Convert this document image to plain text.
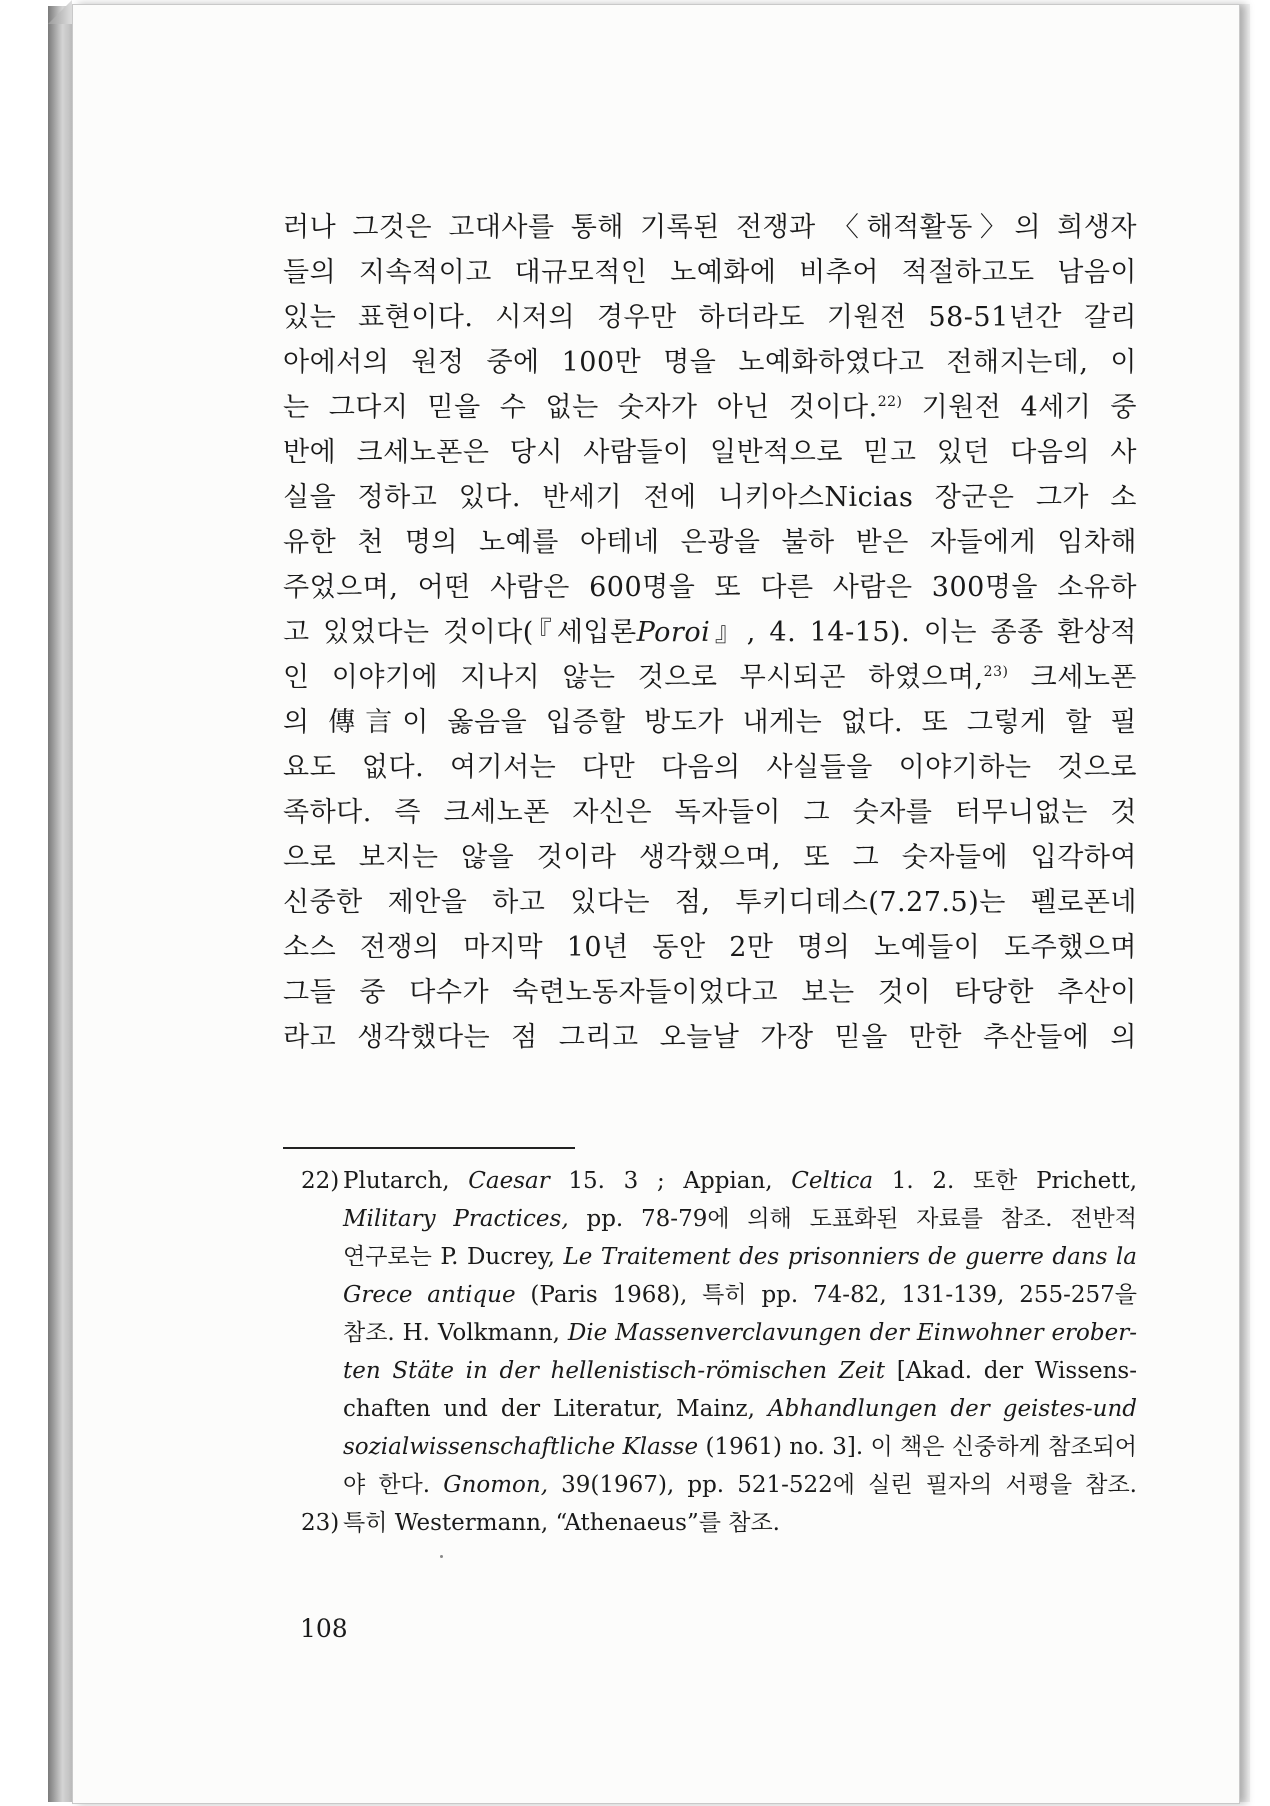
러나 그것은 고대사를 통해 기록된 전쟁과 〈해적활동〉의 희생자
들의 지속적이고 대규모적인 노예화에 비추어 적절하고도 남음이
있는 표현이다. 시저의 경우만 하더라도 기원전 58-51년간 갈리
아에서의 원정 중에 100만 명을 노예화하였다고 전해지는데, 이
는 그다지 믿을 수 없는 숫자가 아닌 것이다.$^{22)}$ 기원전 4세기 중
반에 크세노폰은 당시 사람들이 일반적으로 믿고 있던 다음의 사
실을 정하고 있다. 반세기 전에 니키아스Nicias 장군은 그가 소
유한 천 명의 노예를 아테네 은광을 불하 받은 자들에게 임차해
주었으며, 어떤 사람은 600명을 또 다른 사람은 300명을 소유하
고 있었다는 것이다(『세입론Poroi』, 4. 14-15). 이는 종종 환상적
인 이야기에 지나지 않는 것으로 무시되곤 하였으며,$^{23)}$ 크세노폰
의 傳言이 옳음을 입증할 방도가 내게는 없다. 또 그렇게 할 필
요도 없다. 여기서는 다만 다음의 사실들을 이야기하는 것으로
족하다. 즉 크세노폰 자신은 독자들이 그 숫자를 터무니없는 것
으로 보지는 않을 것이라 생각했으며, 또 그 숫자들에 입각하여
신중한 제안을 하고 있다는 점, 투키디데스(7.27.5)는 펠로폰네
소스 전쟁의 마지막 10년 동안 2만 명의 노예들이 도주했으며
그들 중 다수가 숙련노동자들이었다고 보는 것이 타당한 추산이
라고 생각했다는 점 그리고 오늘날 가장 믿을 만한 추산들에 의
22) Plutarch, Caesar 15. 3 ; Appian, Celtica 1. 2. 또한 Prichett,
Military Practices, pp. 78-79에 의해 도표화된 자료를 참조. 전반적
연구로는 P. Ducrey, Le Traitement des prisonniers de guerre dans la
Grece antique (Paris 1968), 특히 pp. 74-82, 131-139, 255-257을
참조. H. Volkmann, Die Massenverclavungen der Einwohner erober-
ten Stäte in der hellenistisch-römischen Zeit [Akad. der Wissens-
chaften und der Literatur, Mainz, Abhandlungen der geistes-und
sozialwissenschaftliche Klasse (1961) no. 3]. 이 책은 신중하게 참조되어
야 한다. Gnomon, 39(1967), pp. 521-522에 실린 필자의 서평을 참조.
23) 특히 Westermann, “Athenaeus”를 참조.
108
